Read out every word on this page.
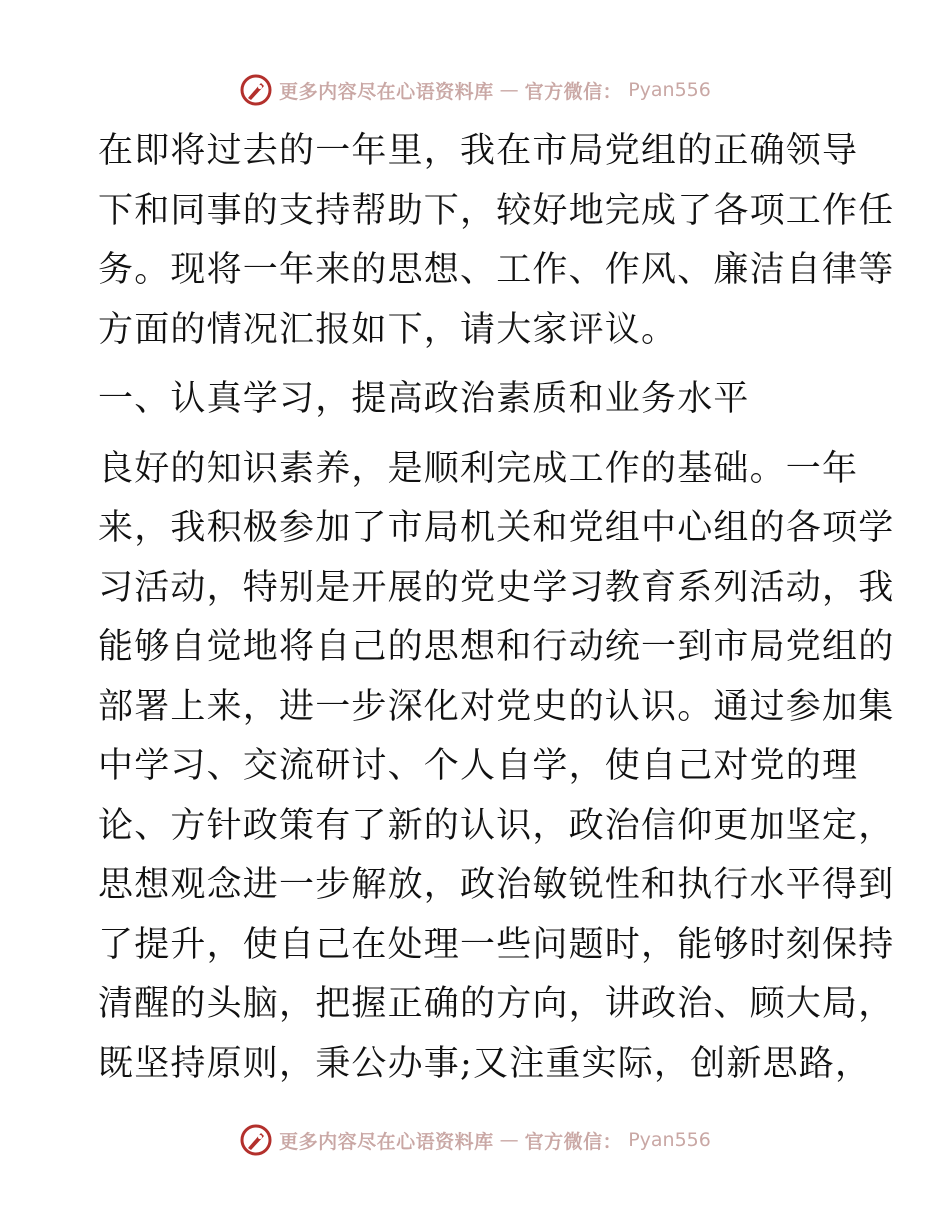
更多内容尽在心语资料库 — 官方微信： Pyan556
在即将过去的一年里，我在市局党组的正确领导
下和同事的支持帮助下，较好地完成了各项工作任
务。现将一年来的思想、工作、作风、廉洁自律等
方面的情况汇报如下，请大家评议。
一、认真学习，提高政治素质和业务水平
良好的知识素养，是顺利完成工作的基础。一年
来，我积极参加了市局机关和党组中心组的各项学
习活动，特别是开展的党史学习教育系列活动，我
能够自觉地将自己的思想和行动统一到市局党组的
部署上来，进一步深化对党史的认识。通过参加集
中学习、交流研讨、个人自学，使自己对党的理
论、方针政策有了新的认识，政治信仰更加坚定，
思想观念进一步解放，政治敏锐性和执行水平得到
了提升，使自己在处理一些问题时，能够时刻保持
清醒的头脑，把握正确的方向，讲政治、顾大局，
既坚持原则，秉公办事;又注重实际，创新思路，
更多内容尽在心语资料库 — 官方微信： Pyan556
